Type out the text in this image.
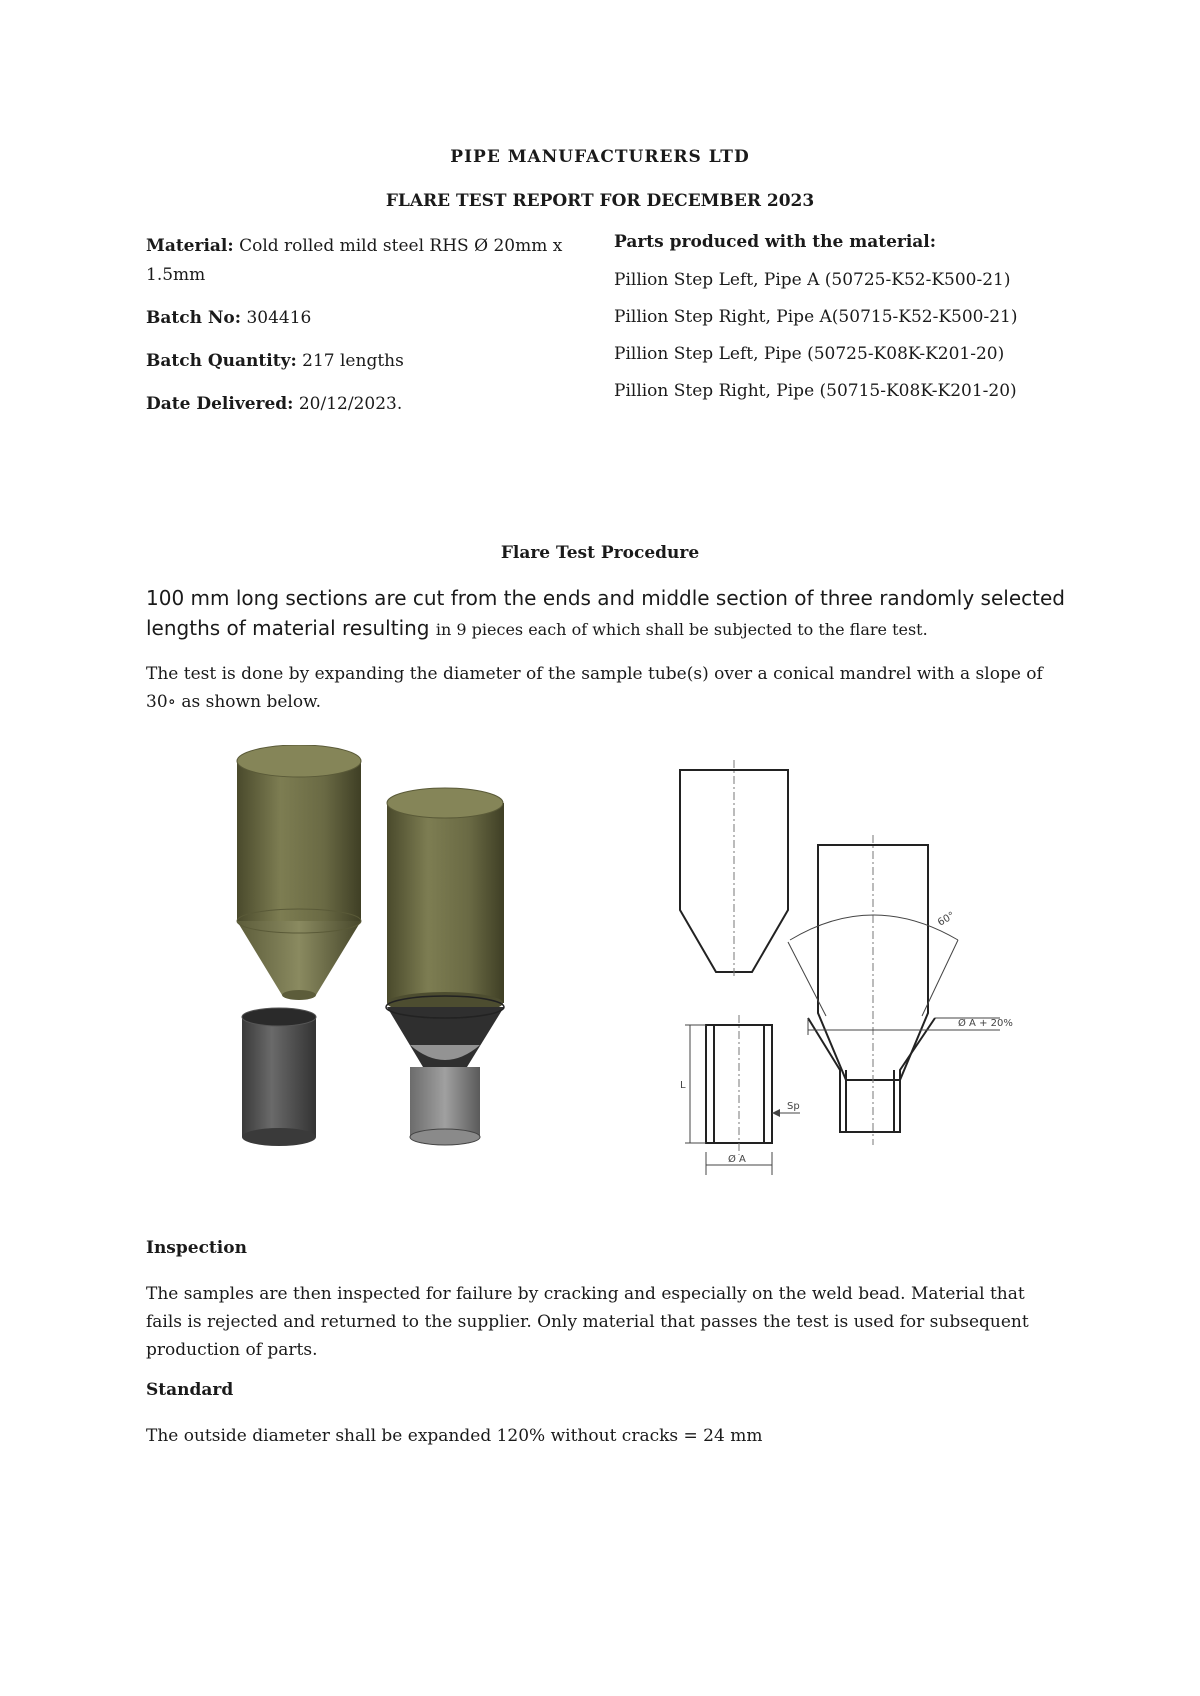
PIPE MANUFACTURERS LTD
FLARE TEST REPORT FOR DECEMBER 2023

Material: Cold rolled mild steel RHS Ø 20mm x 1.5mm

Batch No: 304416

Batch Quantity: 217 lengths

Date Delivered: 20/12/2023.

Parts produced with the material:

Pillion Step Left, Pipe A (50725-K52-K500-21)

Pillion Step Right, Pipe A(50715-K52-K500-21)

Pillion Step Left, Pipe (50725-K08K-K201-20)

Pillion Step Right, Pipe (50715-K08K-K201-20)

Flare Test Procedure
100 mm long sections are cut from the ends and middle section of three randomly selected lengths of material resulting in 9 pieces each of which shall be subjected to the flare test.
The test is done by expanding the diameter of the sample tube(s) over a conical mandrel with a slope of 30∘ as shown below.
60°
Ø A + 20%
Sp
L
Ø A
Inspection
The samples are then inspected for failure by cracking and especially on the weld bead. Material that fails is rejected and returned to the supplier. Only material that passes the test is used for subsequent production of parts.
Standard
The outside diameter shall be expanded 120% without cracks = 24 mm
